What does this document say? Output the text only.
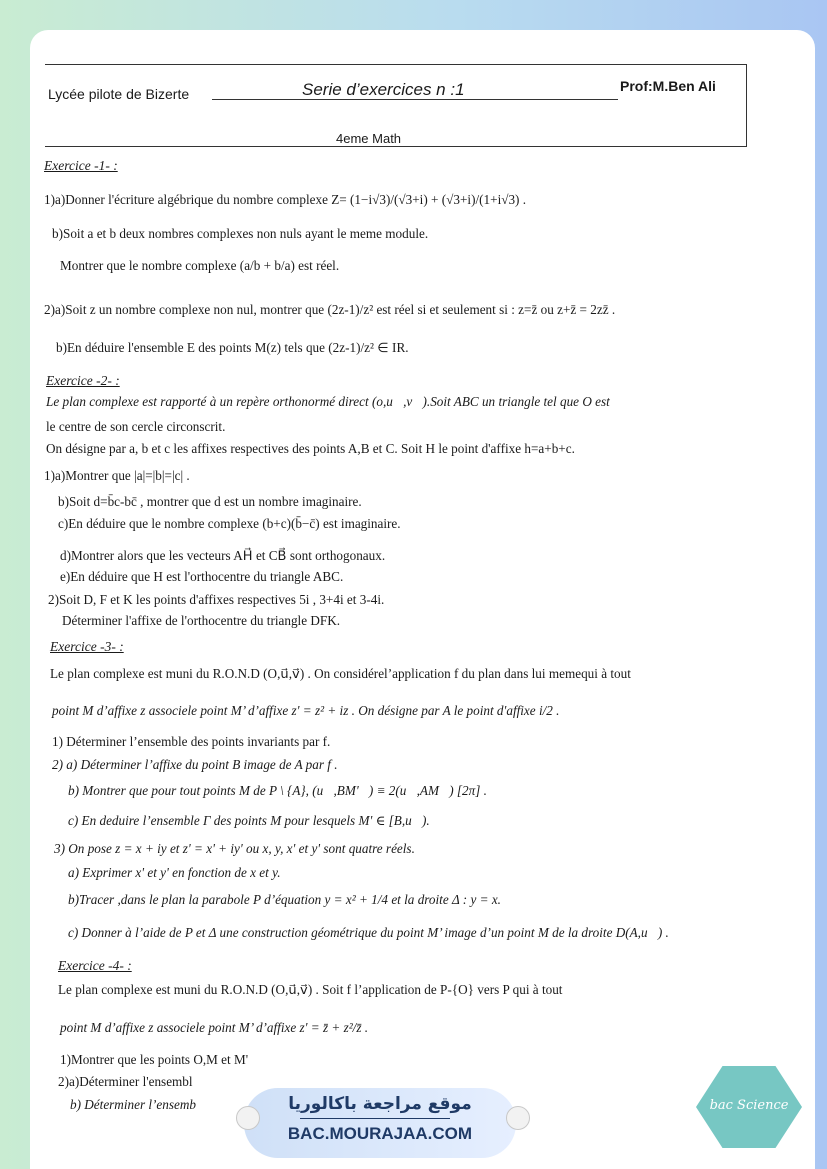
Lycée pilote de Bizerte	Serie d’exercices n :1	Prof:M.Ben Ali
4eme Math
Exercice -1- :
1)a)Donner l'écriture algébrique du nombre complexe Z= (1−i√3)/(√3+i) + (√3+i)/(1+i√3) .
b)Soit a et b deux nombres complexes non nuls ayant le meme module.
Montrer que le nombre complexe (a/b + b/a) est réel.
2)a)Soit z un nombre complexe non nul, montrer que (2z-1)/z² est réel si et seulement si : z=z̄ ou z+z̄ = 2zz̄ .
b)En déduire l'ensemble E des points M(z) tels que (2z-1)/z² ∈ IR.
Exercice -2- :
Le plan complexe est rapporté à un repère orthonormé direct (o,u⃗,v⃗).Soit ABC un triangle tel que O est
le centre de son cercle circonscrit.
On désigne par a, b et c les affixes respectives des points A,B et C. Soit H le point d'affixe h=a+b+c.
1)a)Montrer que |a|=|b|=|c| .
b)Soit d=b̄c-bc̄ , montrer que d est un nombre imaginaire.
c)En déduire que le nombre complexe (b+c)(b̄−c̄) est imaginaire.
d)Montrer alors que les vecteurs AH⃗ et CB⃗ sont orthogonaux.
e)En déduire que H est l'orthocentre du triangle ABC.
2)Soit D, F et K les points d'affixes respectives 5i , 3+4i et 3-4i.
Déterminer l'affixe de l'orthocentre du triangle DFK.
Exercice -3- :
Le plan complexe est muni du R.O.N.D (O,u⃗,v⃗) . On considérel’application f du plan dans lui memequi à tout
point M d’affixe z associele point M’ d’affixe z' = z² + iz . On désigne par A le point d'affixe i/2 .
1) Déterminer l’ensemble des points invariants par f.
2) a) Déterminer l’affixe du point B image de A par f .
b) Montrer que pour tout points M de P \ {A}, (u⃗,BM'⃗) ≡ 2(u⃗,AM⃗) [2π] .
c) En deduire l’ensemble Γ des points M pour lesquels M' ∈ [B,u⃗).
3) On pose z = x + iy et z' = x' + iy' ou x, y, x' et y' sont quatre réels.
a) Exprimer x' et y' en fonction de x et y.
b)Tracer ,dans le plan la parabole P d’équation y = x² + 1/4 et la droite Δ : y = x.
c) Donner à l’aide de P et Δ une construction géométrique du point M’ image d’un point M de la droite D(A,u⃗) .
Exercice -4- :
Le plan complexe est muni du R.O.N.D (O,u⃗,v⃗) . Soit f l’application de P-{O} vers P qui à tout
point M d’affixe z associele point M’ d’affixe z' = z̄ + z²/z̄ .
1)Montrer que les points O,M et M'
2)a)Déterminer l'ensembl
b) Déterminer l’ensemb	موقع مراجعة باكالوريا
BAC.MOURAJAA.COM
bac Science
